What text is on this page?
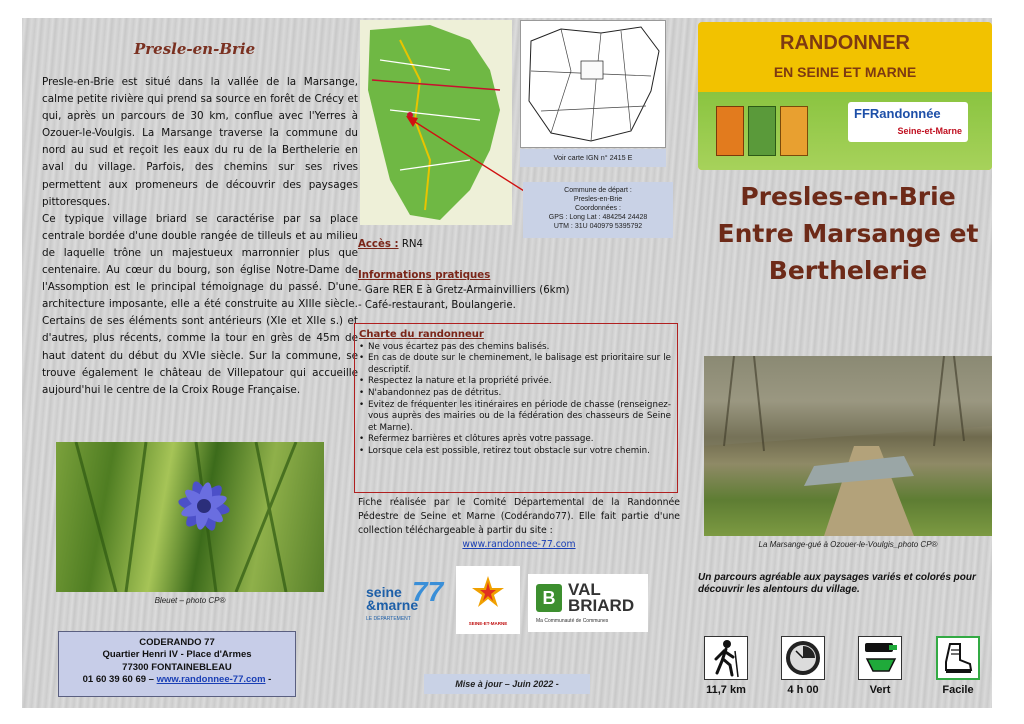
Presle-en-Brie

Presle-en-Brie est situé dans la vallée de la Marsange, calme petite rivière qui prend sa source en forêt de Crécy et qui, après un parcours de 30 km, conflue avec l'Yerres à Ozouer-le-Voulgis. La Marsange traverse la commune du nord au sud et reçoit les eaux du ru de la Berthelerie en aval du village. Parfois, des chemins sur ses rives permettent aux promeneurs de découvrir des paysages pittoresques.

Ce typique village briard se caractérise par sa place centrale bordée d'une double rangée de tilleuls et au milieu de laquelle trône un majestueux marronnier plus que centenaire. Au cœur du bourg, son église Notre-Dame de l'Assomption est le principal témoignage du passé. D'une architecture imposante, elle a été construite au XIIIe siècle. Certains de ses éléments sont antérieurs (XIe et XIIe s.) et d'autres, plus récents, comme la tour en grès de 45m de haut datent du début du XVIe siècle. Sur la commune, se trouve également le château de Villepatour qui accueille aujourd'hui le centre de la Croix Rouge Française.

Bleuet – photo CP®
CODERANDO 77
Quartier Henri IV - Place d'Armes
77300 FONTAINEBLEAU
01 60 39 60 69 – www.randonnee-77.com -
Voir carte IGN n° 2415 E
Commune de départ :
Presles-en-Brie
Coordonnées :
GPS : Long Lat : 484254 24428
UTM : 31U 040979 5395792
Accès : RN4
Informations pratiques
- Gare RER E à Gretz-Armainvilliers (6km)
- Café-restaurant, Boulangerie.
Charte du randonneur
• Ne vous écartez pas des chemins balisés.
• En cas de doute sur le cheminement, le balisage est prioritaire sur le descriptif.
• Respectez la nature et la propriété privée.
• N'abandonnez pas de détritus.
• Evitez de fréquenter les itinéraires en période de chasse (renseignez-vous auprès des mairies ou de la fédération des chasseurs de Seine et Marne).
• Refermez barrières et clôtures après votre passage.
• Lorsque cela est possible, retirez tout obstacle sur votre chemin.
Fiche réalisée par le Comité Départemental de la Randonnée Pédestre de Seine et Marne (Codérando77). Elle fait partie d'une collection téléchargeable à partir du site :
www.randonnee-77.com
seine
&marne
77
LE DÉPARTEMENT
SEINE-ET-MARNE
B VAL
BRIARD
Ma Communauté de Communes
Mise à jour – Juin 2022 -
RANDONNER
EN SEINE ET MARNE
FFRandonnée
Seine-et-Marne
Presles-en-Brie
Entre Marsange et
Berthelerie
La Marsange-gué à Ozouer-le-Voulgis_photo CP®
Un parcours agréable aux paysages variés et colorés pour découvrir les alentours du village.
11,7 km	4 h 00	Vert	Facile
